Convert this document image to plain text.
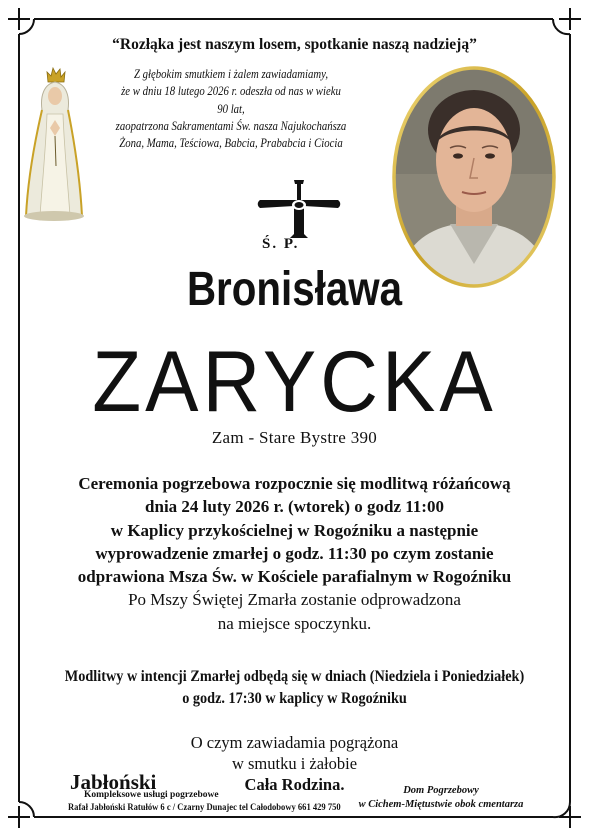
“Rozłąka jest naszym losem, spotkanie naszą nadzieją”
Z głębokim smutkiem i żalem zawiadamiamy,
że w dniu 18 lutego 2026 r. odeszła od nas w wieku 90 lat,
zaopatrzona Sakramentami Św. nasza Najukochańsza
Żona, Mama, Teściowa, Babcia, Prababcia i Ciocia
Ś. P.
Bronisława
ZARYCKA
Zam - Stare Bystre 390
Ceremonia pogrzebowa rozpocznie się modlitwą różańcową
dnia 24 luty 2026 r. (wtorek) o godz 11:00
w Kaplicy przykościelnej w Rogoźniku a następnie
wyprowadzenie zmarłej o godz. 11:30 po czym zostanie
odprawiona Msza Św. w Kościele parafialnym w Rogoźniku
Po Mszy Świętej Zmarła zostanie odprowadzona
na miejsce spoczynku.
Modlitwy w intencji Zmarłej odbędą się w dniach (Niedziela i Poniedziałek)
o godz. 17:30 w kaplicy w Rogoźniku
O czym zawiadamia pogrążona
w smutku i żałobie
Cała Rodzina.
Jabłoński
Kompleksowe usługi pogrzebowe
Rafał Jabłoński Ratułów 6 c / Czarny Dunajec tel Całodobowy 661 429 750
Dom Pogrzebowy
w Cichem-Miętustwie obok cmentarza
